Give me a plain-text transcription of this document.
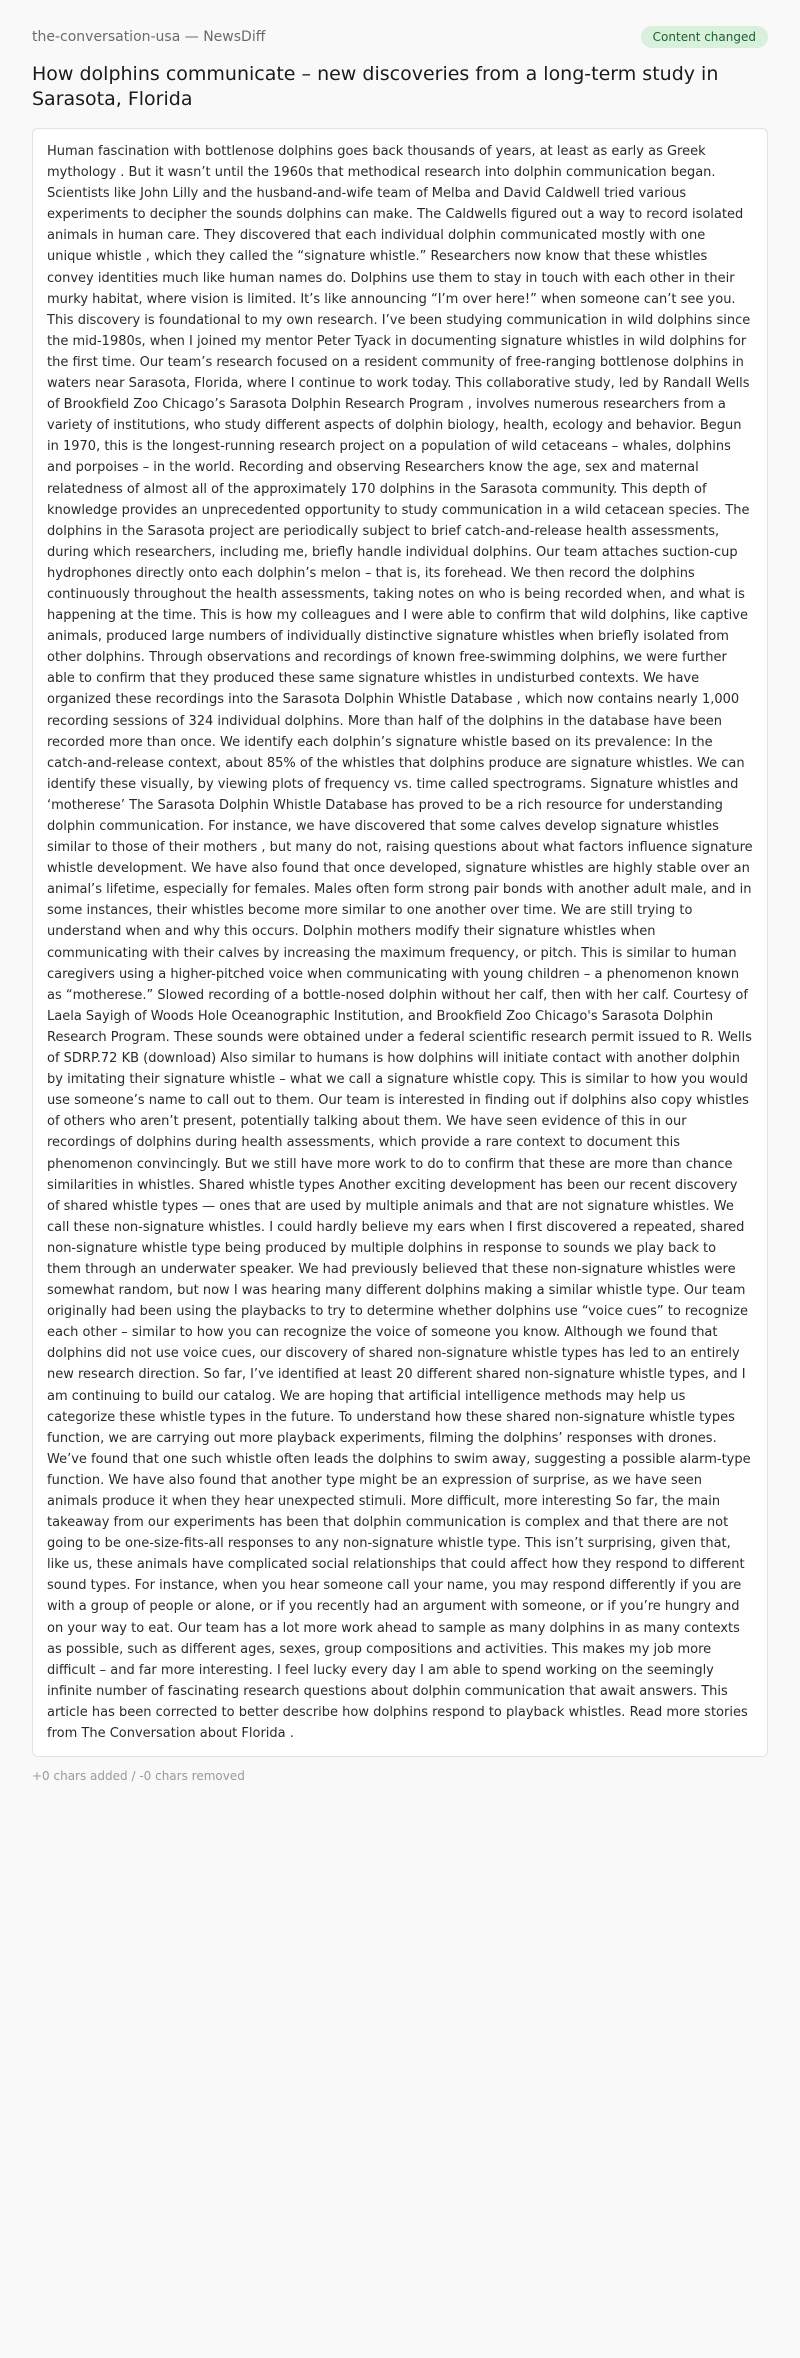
the-conversation-usa — NewsDiff	Content changed
How dolphins communicate – new discoveries from a long-term study in Sarasota, Florida

Human fascination with bottlenose dolphins goes back thousands of years, at least as early as Greek mythology . But it wasn’t until the 1960s that methodical research into dolphin communication began. Scientists like John Lilly and the husband-and-wife team of Melba and David Caldwell tried various experiments to decipher the sounds dolphins can make. The Caldwells figured out a way to record isolated animals in human care. They discovered that each individual dolphin communicated mostly with one unique whistle , which they called the “signature whistle.” Researchers now know that these whistles convey identities much like human names do. Dolphins use them to stay in touch with each other in their murky habitat, where vision is limited. It’s like announcing “I’m over here!” when someone can’t see you. This discovery is foundational to my own research. I’ve been studying communication in wild dolphins since the mid-1980s, when I joined my mentor Peter Tyack in documenting signature whistles in wild dolphins for the first time. Our team’s research focused on a resident community of free-ranging bottlenose dolphins in waters near Sarasota, Florida, where I continue to work today. This collaborative study, led by Randall Wells of Brookfield Zoo Chicago’s Sarasota Dolphin Research Program , involves numerous researchers from a variety of institutions, who study different aspects of dolphin biology, health, ecology and behavior. Begun in 1970, this is the longest-running research project on a population of wild cetaceans – whales, dolphins and porpoises – in the world. Recording and observing Researchers know the age, sex and maternal relatedness of almost all of the approximately 170 dolphins in the Sarasota community. This depth of knowledge provides an unprecedented opportunity to study communication in a wild cetacean species. The dolphins in the Sarasota project are periodically subject to brief catch-and-release health assessments, during which researchers, including me, briefly handle individual dolphins. Our team attaches suction-cup hydrophones directly onto each dolphin’s melon – that is, its forehead. We then record the dolphins continuously throughout the health assessments, taking notes on who is being recorded when, and what is happening at the time. This is how my colleagues and I were able to confirm that wild dolphins, like captive animals, produced large numbers of individually distinctive signature whistles when briefly isolated from other dolphins. Through observations and recordings of known free-swimming dolphins, we were further able to confirm that they produced these same signature whistles in undisturbed contexts. We have organized these recordings into the Sarasota Dolphin Whistle Database , which now contains nearly 1,000 recording sessions of 324 individual dolphins. More than half of the dolphins in the database have been recorded more than once. We identify each dolphin’s signature whistle based on its prevalence: In the catch-and-release context, about 85% of the whistles that dolphins produce are signature whistles. We can identify these visually, by viewing plots of frequency vs. time called spectrograms. Signature whistles and ‘motherese’ The Sarasota Dolphin Whistle Database has proved to be a rich resource for understanding dolphin communication. For instance, we have discovered that some calves develop signature whistles similar to those of their mothers , but many do not, raising questions about what factors influence signature whistle development. We have also found that once developed, signature whistles are highly stable over an animal’s lifetime, especially for females. Males often form strong pair bonds with another adult male, and in some instances, their whistles become more similar to one another over time. We are still trying to understand when and why this occurs. Dolphin mothers modify their signature whistles when communicating with their calves by increasing the maximum frequency, or pitch. This is similar to human caregivers using a higher-pitched voice when communicating with young children – a phenomenon known as “motherese.” Slowed recording of a bottle-nosed dolphin without her calf, then with her calf. Courtesy of Laela Sayigh of Woods Hole Oceanographic Institution, and Brookfield Zoo Chicago's Sarasota Dolphin Research Program. These sounds were obtained under a federal scientific research permit issued to R. Wells of SDRP.72 KB (download) Also similar to humans is how dolphins will initiate contact with another dolphin by imitating their signature whistle – what we call a signature whistle copy. This is similar to how you would use someone’s name to call out to them. Our team is interested in finding out if dolphins also copy whistles of others who aren’t present, potentially talking about them. We have seen evidence of this in our recordings of dolphins during health assessments, which provide a rare context to document this phenomenon convincingly. But we still have more work to do to confirm that these are more than chance similarities in whistles. Shared whistle types Another exciting development has been our recent discovery of shared whistle types — ones that are used by multiple animals and that are not signature whistles. We call these non-signature whistles. I could hardly believe my ears when I first discovered a repeated, shared non-signature whistle type being produced by multiple dolphins in response to sounds we play back to them through an underwater speaker. We had previously believed that these non-signature whistles were somewhat random, but now I was hearing many different dolphins making a similar whistle type. Our team originally had been using the playbacks to try to determine whether dolphins use “voice cues” to recognize each other – similar to how you can recognize the voice of someone you know. Although we found that dolphins did not use voice cues, our discovery of shared non-signature whistle types has led to an entirely new research direction. So far, I’ve identified at least 20 different shared non-signature whistle types, and I am continuing to build our catalog. We are hoping that artificial intelligence methods may help us categorize these whistle types in the future. To understand how these shared non-signature whistle types function, we are carrying out more playback experiments, filming the dolphins’ responses with drones. We’ve found that one such whistle often leads the dolphins to swim away, suggesting a possible alarm-type function. We have also found that another type might be an expression of surprise, as we have seen animals produce it when they hear unexpected stimuli. More difficult, more interesting So far, the main takeaway from our experiments has been that dolphin communication is complex and that there are not going to be one-size-fits-all responses to any non-signature whistle type. This isn’t surprising, given that, like us, these animals have complicated social relationships that could affect how they respond to different sound types. For instance, when you hear someone call your name, you may respond differently if you are with a group of people or alone, or if you recently had an argument with someone, or if you’re hungry and on your way to eat. Our team has a lot more work ahead to sample as many dolphins in as many contexts as possible, such as different ages, sexes, group compositions and activities. This makes my job more difficult – and far more interesting. I feel lucky every day I am able to spend working on the seemingly infinite number of fascinating research questions about dolphin communication that await answers. This article has been corrected to better describe how dolphins respond to playback whistles. Read more stories from The Conversation about Florida .

+0 chars added / -0 chars removed
